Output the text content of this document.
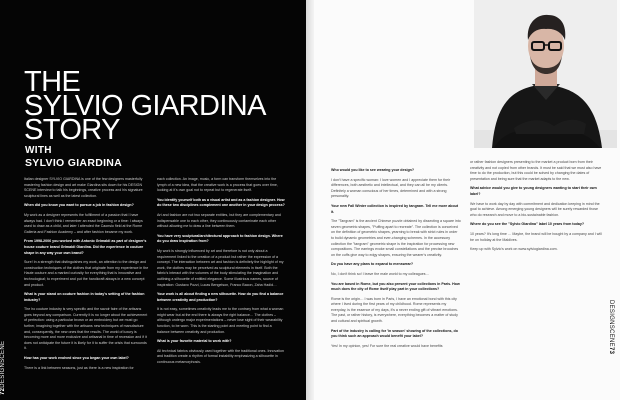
THE
SYLVIO GIARDINA
STORY
WITH
SYLVIO GIARDINA

Italian designer SYLVIO GIARDINA is one of the few designers masterfully mastering fashion design and art make Giardina sits down for his DESIGN SCENE interview to talk his beginnings, creative process and his signature sculptural lines as well as the latest collection.

When did you know you want to pursue a job in fashion design?

My work as a designer represents the fulfillment of a passion that I have always had. I don't think I remember an exact beginning or a time: I always used to draw as a child, and later I attended the Caonsio field at the Rome Galleria and Fashion Academy – and after fashion became my work.

From 1998-2006 you worked with Antonio Grimaldi as part of designer's house couture brand Grimaldi Giardina. Did the experience in couture shape in any way your own brand?

Sure! In a strength that distinguishes my work, an attention to the design and construction techniques of the clothes that originate from my experience in the Haute couture and a marked curiosity for everything that is innovative and technological; to experiment and put the handicraft always in a new concept and product.

What is your stand on couture fashion in today's setting of the fashion industry?

The ho couture industry is very specific and the savoir faire of the artisans goes beyond any comparison. Currently it is no longer about the achievement of perfection: using a particular brown or an embroidery but we must go further, imagining together with the artisans new techniques of manufacture and, consequently, the new ones that the results. The world of luxury is becoming more and more exclusive and artisanal in time of recession and if it does not anticipate the future it is likely for it to suffer the crisis that surrounds it.

How has your work evolved since you began your own label?

There is a link between seasons, just as there is a new inspiration for

each collection. An image, music, a form can transform themselves into the lymph of a new idea, that the creative work is a process that goes over time, looking at it's own goal not to repeat but to regenerate itself.

You identify yourself both as a visual artist and as a fashion designer. How do these two disciplines complement one another in your design process?

Art and fashion are not two separate entities, but they are complementary and indispensable one to each other, they continuously contaminate each other without allowing me to draw a line between them.

You have very sculptural/architectural approach to fashion design. Where do you draw inspiration from?

My work is strongly influenced by art and therefore is not only about a requirement linked to the creation of a product but rather the expression of a concept. The interaction between art and fashion is definitely the highlight of my work, the clothes may be perceived as sculptural elements in itself. Both the fabric's interact with the volumes of the body stimulating the imagination and outlining a silhouette of entitled elegance. Some illustrious names, source of inspiration: Gustavo Pozzi, Lucas Bengelson, Franco Bacon, Zaha Hadid…

Your work is all about finding a new silhouette. How do you find a balance between creativity and production?

It is not easy, sometimes creativity leads me to the contrary from what a woman might wear but at the end there is always the right balance… The clothes – although undergo major experimentations – never lose sight of their wearability function, to be worn. This is the starting point and meeting point to find a balance between creativity and production.

What is your favorite material to work with?

All technical fabrics obviously used together with the traditional ones. Innovation and tradition create a rhythm of formal instability emphasizing a silhouette in continuous metamorphosis.

72DESIGNSCENE

Who would you like to see wearing your design?

I don't have a specific woman: I love women and I appreciate them for their differences, both aesthetic and intellectual, and they can all be my clients. Definitely a woman conscious of her times, determined and with a strong personality.

Your new Fall Winter collection is inspired by tangram. Tell me more about it.

The "Tangram" is the ancient Chinese puzzle obtained by dissecting a square into seven geometric shapes, "Puffing apart to recreate". The collection is conceived on the definition of geometric shapes, yearning to break with strict rules in order to build dynamic geometries and ever-changing schemes. In the accessory collection the "tangram" geometric shape is the inspiration for processing new compositions. The earrings evoke small constellations and the precise brooches on the cuffs give way to edgy shapes, ensuring the wearer's creativity.

Do you have any plans to expand to menswear?

No, I don't think so! I leave the male world to my colleagues…

You are based in Rome, but you also present your collections in Paris. How much does the city of Rome itself play part in your collections?

Rome is the origin… I was born in Paris, I have an emotional bond with this city where I lived during the first years of my childhood. Rome represents my everyday, is the essence of my days, it's a never ending gift of vibrant emotions. The past, or rather history, is everywhere, everything becomes a matter of study and cultural and spiritual growth.

Part of the industry is calling for 'in season' showing of the collections, do you think such an approach would benefit your label?

Yes! In my opinion, yes! For sure the real creative would have benefits

or rather fashion designers presenting to the market a product born from their creativity and not copied from other brands. It must be said that we must also have time to do the production, but this could be solved by changing the dates of presentation and being sure that the market adapts to the new.

What advice would you give to young designers wanting to start their own label?

We have to work day by day with commitment and dedication keeping in mind the goal to achieve. Among emerging young designers will be surely rewarded those who do research and move to a bio-sustainable fashion.

Where do you see the "Sylvio Giardina" label 10 years from today?

10 years? It's long time … Maybe, the brand will be bought by a company and I will be on holiday at the Maldives.

Keep up with Sylvio's work on www.sylviogiardina.com.

DESIGNSCENE73
